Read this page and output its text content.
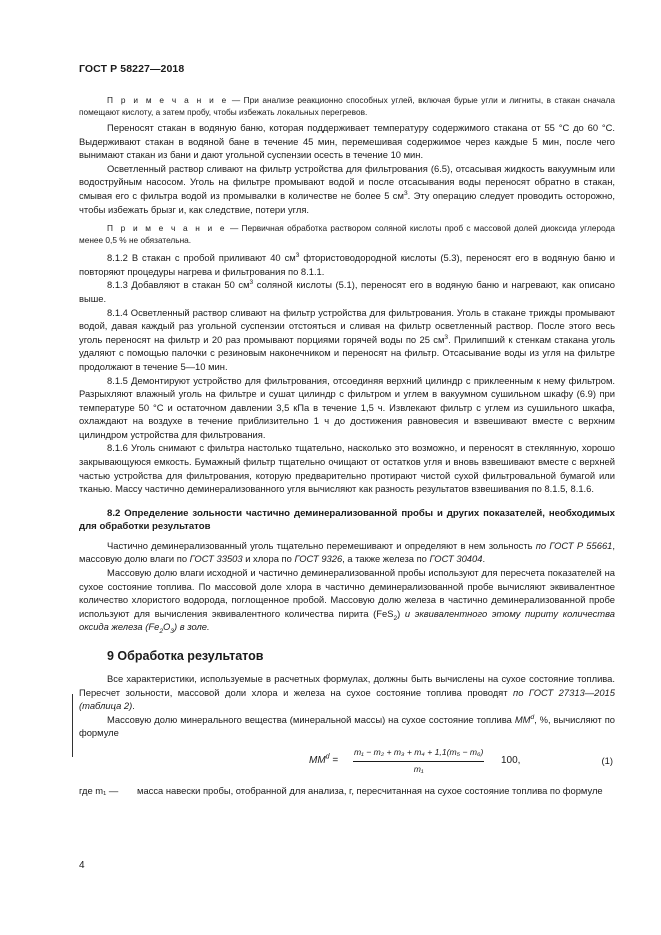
ГОСТ Р 58227—2018

П р и м е ч а н и е — При анализе реакционно способных углей, включая бурые угли и лигниты, в стакан сначала помещают кислоту, а затем пробу, чтобы избежать локальных перегревов.

Переносят стакан в водяную баню, которая поддерживает температуру содержимого стакана от 55 °С до 60 °С. Выдерживают стакан в водяной бане в течение 45 мин, перемешивая содержимое через каждые 5 мин, после чего вынимают стакан из бани и дают угольной суспензии осесть в течение 10 мин.

Осветленный раствор сливают на фильтр устройства для фильтрования (6.5), отсасывая жидкость вакуумным или водоструйным насосом. Уголь на фильтре промывают водой и после отсасывания воды переносят обратно в стакан, смывая его с фильтра водой из промывалки в количестве не более 5 $см^3$. Эту операцию следует проводить осторожно, чтобы избежать брызг и, как следствие, потери угля.

П р и м е ч а н и е — Первичная обработка раствором соляной кислоты проб с массовой долей диоксида углерода менее 0,5 % не обязательна.

8.1.2 В стакан с пробой приливают 40 $см^3$ фтористоводородной кислоты (5.3), переносят его в водяную баню и повторяют процедуры нагрева и фильтрования по 8.1.1.

8.1.3 Добавляют в стакан 50 $см^3$ соляной кислоты (5.1), переносят его в водяную баню и нагревают, как описано выше.

8.1.4 Осветленный раствор сливают на фильтр устройства для фильтрования. Уголь в стакане трижды промывают водой, давая каждый раз угольной суспензии отстояться и сливая на фильтр осветленный раствор. После этого весь уголь переносят на фильтр и 20 раз промывают порциями горячей воды по 25 $см^3$. Прилипший к стенкам стакана уголь удаляют с помощью палочки с резиновым наконечником и переносят на фильтр. Отсасывание воды из угля на фильтре продолжают в течение 5—10 мин.

8.1.5 Демонтируют устройство для фильтрования, отсоединяя верхний цилиндр с приклеенным к нему фильтром. Разрыхляют влажный уголь на фильтре и сушат цилиндр с фильтром и углем в вакуумном сушильном шкафу (6.9) при температуре 50 °С и остаточном давлении 3,5 кПа в течение 1,5 ч. Извлекают фильтр с углем из сушильного шкафа, охлаждают на воздухе в течение приблизительно 1 ч до достижения равновесия и взвешивают вместе с верхним цилиндром устройства для фильтрования.

8.1.6 Уголь снимают с фильтра настолько тщательно, насколько это возможно, и переносят в стеклянную, хорошо закрывающуюся емкость. Бумажный фильтр тщательно очищают от остатков угля и вновь взвешивают вместе с верхней частью устройства для фильтрования, которую предварительно протирают чистой сухой фильтровальной бумагой или тканью. Массу частично деминерализованного угля вычисляют как разность результатов взвешивания по 8.1.5, 8.1.6.

8.2 Определение зольности частично деминерализованной пробы и других показателей, необходимых для обработки результатов

Частично деминерализованный уголь тщательно перемешивают и определяют в нем зольность по ГОСТ Р 55661, массовую долю влаги по ГОСТ 33503 и хлора по ГОСТ 9326, а также железа по ГОСТ 30404.

Массовую долю влаги исходной и частично деминерализованной пробы используют для пересчета показателей на сухое состояние топлива. По массовой доле хлора в частично деминерализованной пробе вычисляют эквивалентное количество хлористого водорода, поглощенное пробой. Массовую долю железа в частично деминерализованной пробе используют для вычисления эквивалентного количества пирита (FeS$_2$) и эквивалентного этому пириту количества оксида железа $(Fe_2O_3)$ в золе.

9 Обработка результатов

Все характеристики, используемые в расчетных формулах, должны быть вычислены на сухое состояние топлива. Пересчет зольности, массовой доли хлора и железа на сухое состояние топлива проводят по ГОСТ 27313—2015 (таблица 2).

Массовую долю минерального вещества (минеральной массы) на сухое состояние топлива $MM^d$, %, вычисляют по формуле

$MM^d = \frac{\text{m₁ − m₂ + m₃ + m₄ + 1,1(m₅ − m₆)}}{\text{m₁}} 100$,	(1)
где m₁ —	масса навески пробы, отобранной для анализа, г, пересчитанная на сухое состояние топлива по формуле
4
